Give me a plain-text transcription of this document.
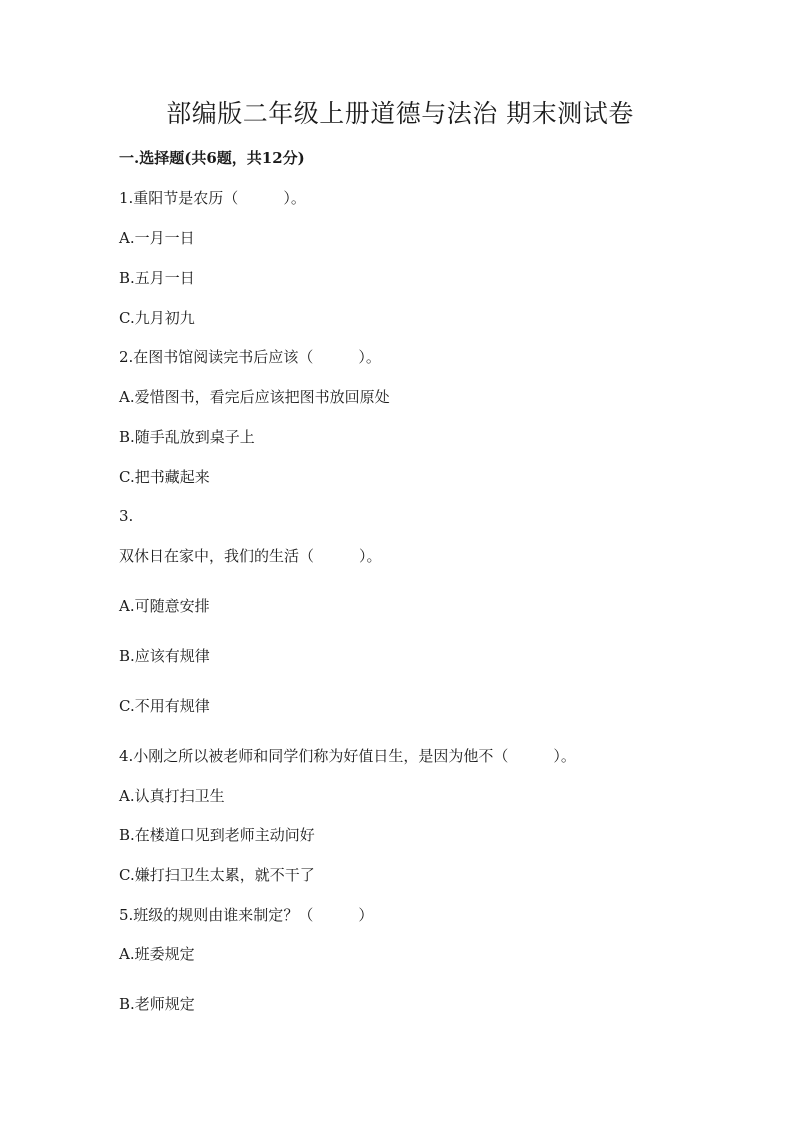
部编版二年级上册道德与法治 期末测试卷
一.选择题(共6题，共12分)
1.重阳节是农历（　　　）。
A.一月一日
B.五月一日
C.九月初九
2.在图书馆阅读完书后应该（　　　）。
A.爱惜图书，看完后应该把图书放回原处
B.随手乱放到桌子上
C.把书藏起来
3.
双休日在家中，我们的生活（　　　）。
A.可随意安排
B.应该有规律
C.不用有规律
4.小刚之所以被老师和同学们称为好值日生，是因为他不（　　　）。
A.认真打扫卫生
B.在楼道口见到老师主动问好
C.嫌打扫卫生太累，就不干了
5.班级的规则由谁来制定？（　　　）
A.班委规定
B.老师规定
